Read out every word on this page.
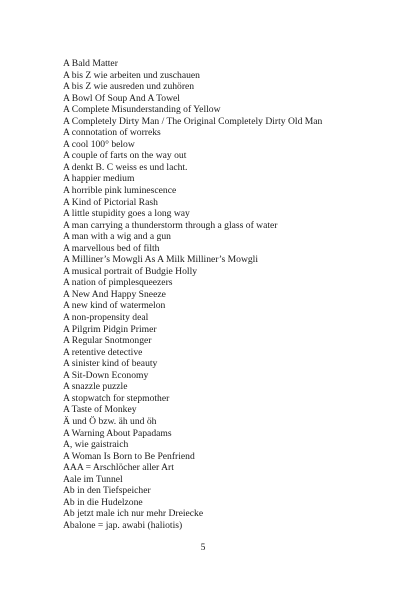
A Bald Matter
A bis Z wie arbeiten und zuschauen
A bis Z wie ausreden und zuhören
A Bowl Of Soup And A Towel
A Complete Misunderstanding of Yellow
A Completely Dirty Man / The Original Completely Dirty Old Man
A connotation of worreks
A cool 100° below
A couple of farts on the way out
A denkt B. C weiss es und lacht.
A happier medium
A horrible pink luminescence
A Kind of Pictorial Rash
A little stupidity goes a long way
A man carrying a thunderstorm through a glass of water
A man with a wig and a gun
A marvellous bed of filth
A Milliner’s Mowgli As A Milk Milliner’s Mowgli
A musical portrait of Budgie Holly
A nation of pimplesqueezers
A New And Happy Sneeze
A new kind of watermelon
A non-propensity deal
A Pilgrim Pidgin Primer
A Regular Snotmonger
A retentive detective
A sinister kind of beauty
A Sit-Down Economy
A snazzle puzzle
A stopwatch for stepmother
A Taste of Monkey
Ä und Ö bzw. äh und öh
A Warning About Papadams
A, wie gaistraich
A Woman Is Born to Be Penfriend
AAA = Arschlöcher aller Art
Aale im Tunnel
Ab in den Tiefspeicher
Ab in die Hudelzone
Ab jetzt male ich nur mehr Dreiecke
Abalone = jap. awabi (haliotis)
5
